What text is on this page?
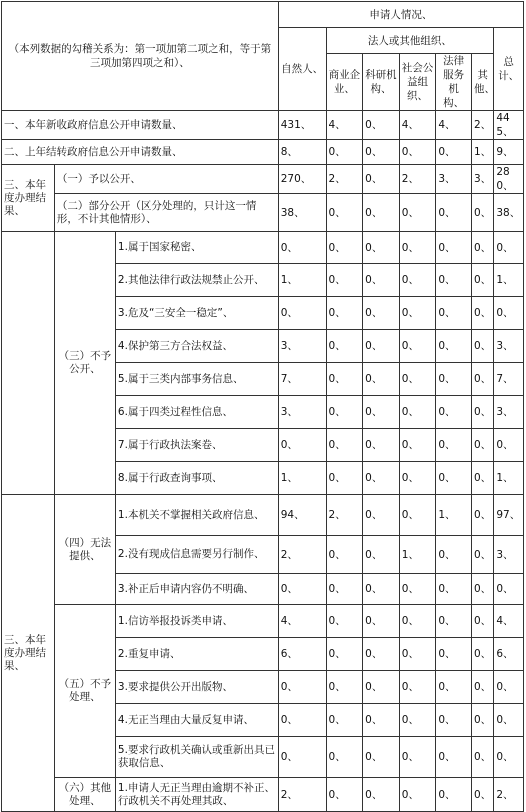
（本列数据的勾稽关系为：第一项加第二项之和，等于第三项加第四项之和）、			申请人情况、						
			自然人、	法人或其他组织、					总计、
				商业企业、	科研机构、	社会公益组织、	法律服务机构、	其他、	
一、本年新收政府信息公开申请数量、			431、	4、	0、	4、	4、	2、	445、
二、上年结转政府信息公开申请数量、			8、	0、	0、	0、	0、	1、	9、
三、本年度办理结果、	（一）予以公开、		270、	2、	0、	2、	3、	3、	280、
	（二）部分公开（区分处理的，只计这一情形，不计其他情形）、		38、	0、	0、	0、	0、	0、	38、
	（三）不予公开、	1.属于国家秘密、	0、	0、	0、	0、	0、	0、	0、
		2.其他法律行政法规禁止公开、	1、	0、	0、	0、	0、	0、	1、
		3.危及“三安全一稳定”、	0、	0、	0、	0、	0、	0、	0、
		4.保护第三方合法权益、	3、	0、	0、	0、	0、	0、	3、
		5.属于三类内部事务信息、	7、	0、	0、	0、	0、	0、	7、
		6.属于四类过程性信息、	3、	0、	0、	0、	0、	0、	3、
		7.属于行政执法案卷、	0、	0、	0、	0、	0、	0、	0、
		8.属于行政查询事项、	1、	0、	0、	0、	0、	0、	1、
三、本年度办理结果、	（四）无法提供、	1.本机关不掌握相关政府信息、	94、	2、	0、	0、	1、	0、	97、
		2.没有现成信息需要另行制作、	2、	0、	0、	1、	0、	0、	3、
		3.补正后申请内容仍不明确、	0、	0、	0、	0、	0、	0、	0、
	（五）不予处理、	1.信访举报投诉类申请、	4、	0、	0、	0、	0、	0、	4、
		2.重复申请、	6、	0、	0、	0、	0、	0、	6、
		3.要求提供公开出版物、	0、	0、	0、	0、	0、	0、	0、
		4.无正当理由大量反复申请、	0、	0、	0、	0、	0、	0、	0、
		5.要求行政机关确认或重新出具已获取信息、	0、	0、	0、	0、	0、	0、	0、
	（六）其他处理、	1.申请人无正当理由逾期不补正、行政机关不再处理其政、	2、	0、	0、	0、	0、	0、	2、
